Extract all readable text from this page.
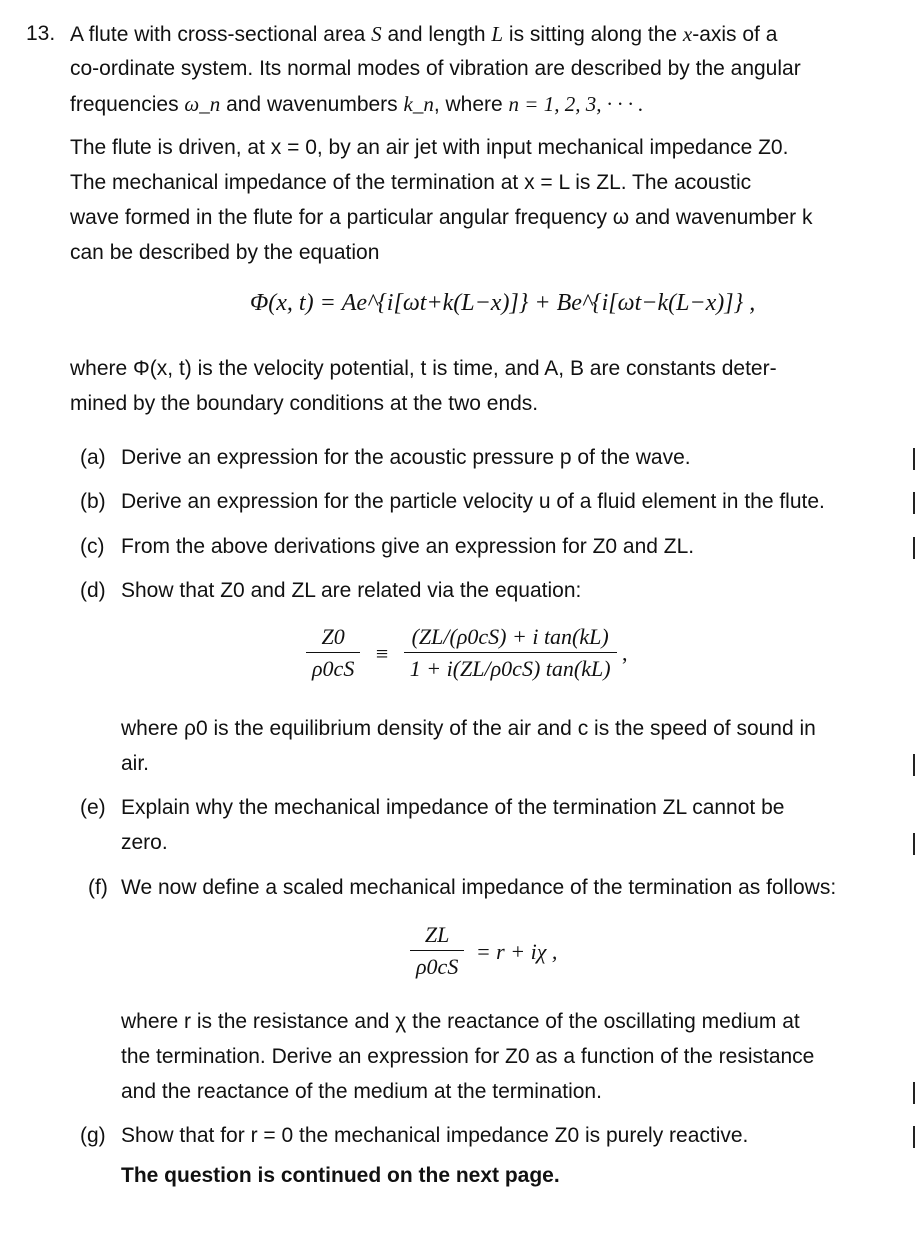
13. A flute with cross-sectional area S and length L is sitting along the x-axis of a
co-ordinate system. Its normal modes of vibration are described by the angular
frequencies ω_n and wavenumbers k_n, where n = 1, 2, 3, · · · .
The flute is driven, at x = 0, by an air jet with input mechanical impedance Z0.
The mechanical impedance of the termination at x = L is ZL. The acoustic
wave formed in the flute for a particular angular frequency ω and wavenumber k
can be described by the equation
Φ(x, t) = Ae^{i[ωt+k(L−x)]} + Be^{i[ωt−k(L−x)]} ,
where Φ(x, t) is the velocity potential, t is time, and A, B are constants deter-
mined by the boundary conditions at the two ends.
(a) Derive an expression for the acoustic pressure p of the wave.
(b) Derive an expression for the particle velocity u of a fluid element in the flute.
(c) From the above derivations give an expression for Z0 and ZL.
(d) Show that Z0 and ZL are related via the equation:
$\frac{Z0}{\rho 0cS} \equiv \frac{\text{(ZL/(ρ0cS) + i tan(kL)}}{1 + i(ZL/\rho 0cS) \tan(kL)}$ ,
where ρ0 is the equilibrium density of the air and c is the speed of sound in
air.
(e) Explain why the mechanical impedance of the termination ZL cannot be
zero.
(f) We now define a scaled mechanical impedance of the termination as follows:
$\frac{ZL}{\rho 0cS} = r + i\chi$ ,
where r is the resistance and χ the reactance of the oscillating medium at
the termination. Derive an expression for Z0 as a function of the resistance
and the reactance of the medium at the termination.
(g) Show that for r = 0 the mechanical impedance Z0 is purely reactive.
The question is continued on the next page.
